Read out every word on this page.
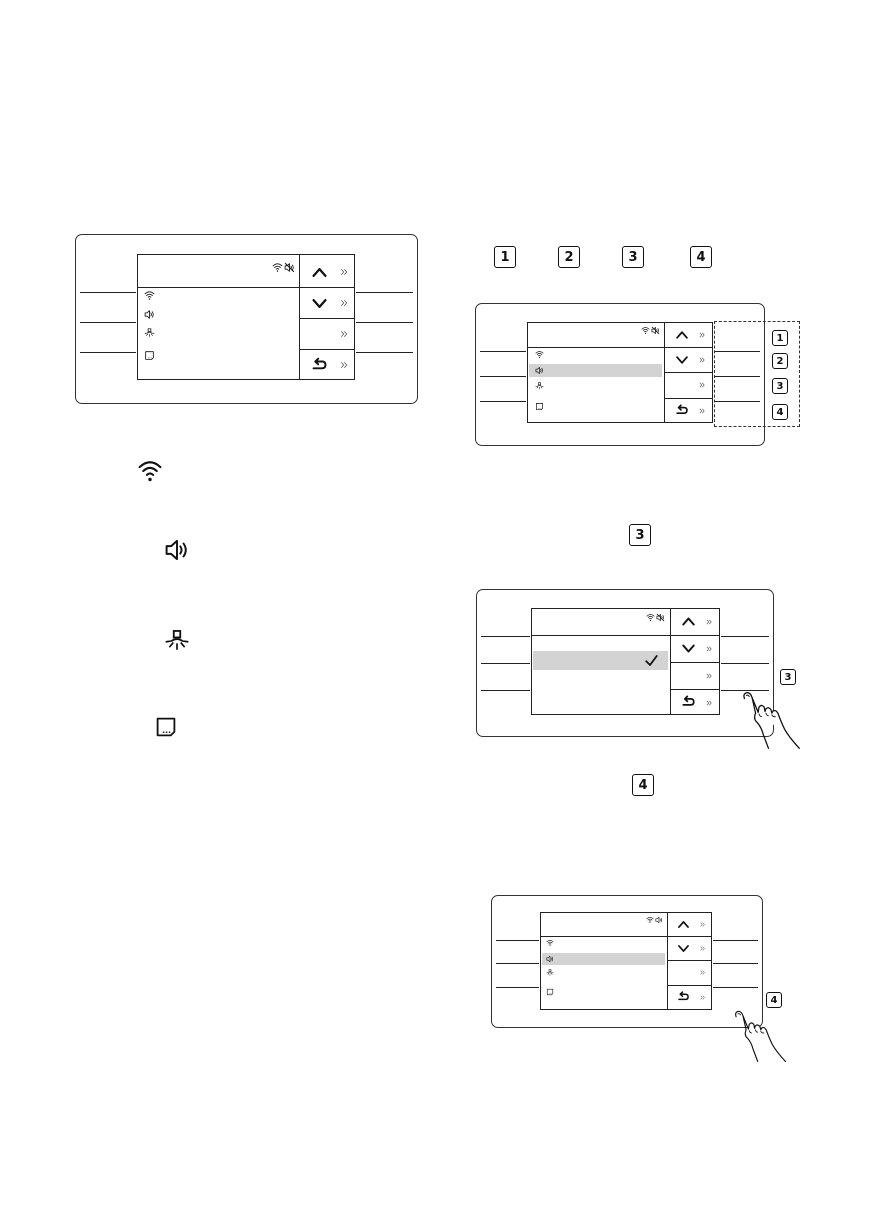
1	2	3	4
1
2
3
4
3
3
4
4
